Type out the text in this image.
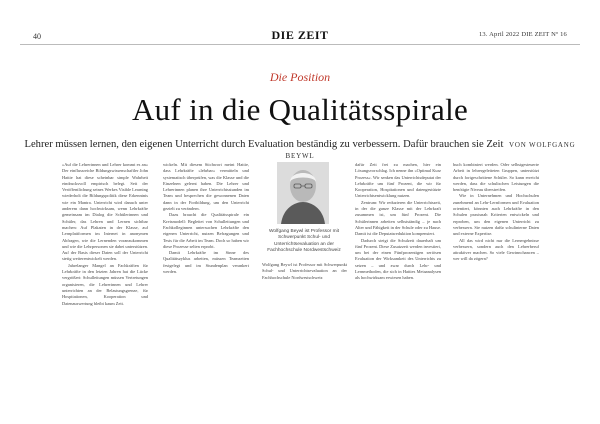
40	DIE ZEIT	13. April 2022 DIE ZEIT Nº 16
Die Position
Auf in die Qualitätsspirale
Lehrer müssen lernen, den eigenen Unterricht durch Evaluation beständig zu verbessern. Dafür brauchen sie Zeit VON WOLFGANG BEYWL

»Auf die Lehrerinnen und Lehrer kommt es an« Der einflussreiche Bildungswissenschaftler John Hattie hat diese scheinbar simple Wahrheit eindrucksvoll empirisch belegt. Seit der Veröffentlichung seines Werkes Visible Learning wiederholt die Bildungspolitik diese Erkenntnis wie ein Mantra. Unterricht wird danach unter anderem dann hochwirksam, wenn Lehrkräfte gemeinsam im Dialog die Schülerinnen und Schüler, das Lehren und Lernen sichtbar machen: Auf Plakaten in der Klasse, auf Lernplattformen im Internet in anonymen Abfragen, wie die Lernenden voranzukommen und wie die Lehrpersonen sie dabei unterstützen. Auf der Basis dieser Daten soll der Unterricht stetig weiterentwickelt werden.

Jahrelanger Mangel an Fachkräften für Lehrkräfte in den letzten Jahren hat die Lücke vergrößert: Schulleitungen müssen Vertretungen organisieren, die Lehrerinnen und Lehrer unterrichten an der Belastungsgrenze, für Hospitationen, Kooperation und Datenauswertung bleibt kaum Zeit.

wickeln. Mit diesem Stichwort meint Hattie, dass Lehrkräfte »lehrbar« vermitteln und systematisch überprüfen, was die Klasse und die Einzelnen gelernt haben. Die Lehrer und Lehrerinnen planen ihre Unterrichtsstunden im Team und besprechen die gewonnenen Daten dann in der Fortbildung, um den Unterricht gezielt zu verändern.

Dazu braucht die Qualitätsspirale ein Kreismodell: Begleitet von Schulleitungen und Fachkolleginnen untersuchen Lehrkräfte den eigenen Unterricht, nutzen Befragungen und Tests für die Arbeit im Team. Doch so haben wir diese Prozesse selten erprobt.

Damit Lehrkräfte im Sinne des Qualitätszyklus arbeiten, müssen Teamzeiten festgelegt und im Stundenplan verankert werden.

Wolfgang Beywl ist Professor mit Schwerpunkt Schul- und Unterrichtsevaluation an der Fachhochschule Nordwestschweiz

Wolfgang Beywl ist Professor mit Schwerpunkt Schul- und Unterrichtsevaluation an der Fachhochschule Nordwestschweiz

dafür Zeit frei zu machen, hier ein Lösungsvorschlag. Ich nenne ihn »Optimal Kurz Prozess«. Wir senken das Unterrichtsdeputat der Lehrkräfte um fünf Prozent, die wir für Kooperation, Hospitationen und datengestützte Unterrichtsentwicklung nutzen.

Zentrum: Wir reduzieren die Unterrichtszeit, in der die ganze Klasse mit der Lehrkraft zusammen ist, um fünf Prozent. Die Schülerinnen arbeiten selbstständig – je nach Alter und Fähigkeit in der Schule oder zu Hause. Damit ist die Deputatsreduktion kompensiert.

Dadurch steigt die Schulzeit dauerhaft um fünf Prozent. Diese Zusatzzeit werden investiert, um bei der einen Fünfprozentigen seriösen Evaluation der Wirksamkeit des Unterrichts zu setzen – und zwar durch Lehr- und Lernmethoden, die sich in Hatties Metaanalysen als hochwirksam erwiesen haben.

buch kombiniert werden. Oder selbstgesteuerte Arbeit in lehrergeleiteten Gruppen, unterstützt durch fortgeschrittene Schüler. So kann erreicht werden, dass die schulischen Leistungen die benötigte Niveau überstreifen.

Wie in Unternehmen und Hochschulen zunehmend an Lehr-Lernformen und Evaluation orientiert, könnten auch Lehrkräfte in den Schulen praxisnah Kriterien entwickeln und erproben, um den eigenen Unterricht zu verbessern. Sie nutzen dafür schulinterne Daten und externe Expertise.

All das wird nicht nur die Lernergebnisse verbessern, sondern auch den Lehrerberuf attraktiver machen. So viele Gewinnchancen – wer will da zögern?
